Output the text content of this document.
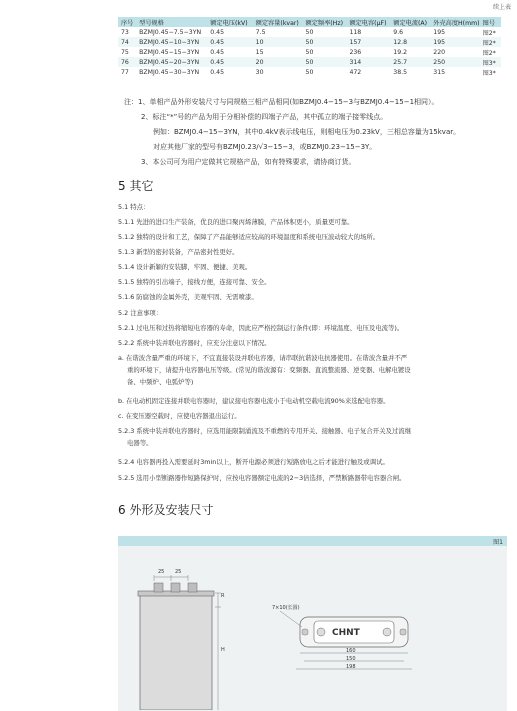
续上表
序号	型号规格	额定电压(kV)	额定容量(kvar)	额定频率(Hz)	额定电容(μF)	额定电流(A)	外壳高度H(mm)	图号
73	BZMJ0.45−7.5−3YN	0.45	7.5	50	118	9.6	195	图2*
74	BZMJ0.45−10−3YN	0.45	10	50	157	12.8	195	图2*
75	BZMJ0.45−15−3YN	0.45	15	50	236	19.2	220	图2*
76	BZMJ0.45−20−3YN	0.45	20	50	314	25.7	250	图3*
77	BZMJ0.45−30−3YN	0.45	30	50	472	38.5	315	图3*
注：1、单相产品外形安装尺寸与同规格三相产品相同(如BZMJ0.4−15−3与BZMJ0.4−15−1相同）。
2、标注“*”号的产品为用于分相补偿的四端子产品，其中孤立的端子接零线点。
例如：BZMJ0.4−15−3YN，其中0.4kV表示线电压，则相电压为0.23kV，三相总容量为15kvar。
对应其他厂家的型号有BZMJ0.23/√3−15−3，或BZMJ0.23−15−3Y。
3、本公司可为用户定做其它规格产品，如有特殊要求，请协商订货。
5 其它
5.1 特点：
5.1.1 先进的进口生产装备，优良的进口聚丙烯薄膜，产品体积更小，质量更可靠。
5.1.2 独特的设计和工艺，保障了产品能够适应较高的环境温度和系统电压波动较大的场所。
5.1.3 新型的密封装备，产品密封性更好。
5.1.4 设计新颖的安装脚，牢固、便捷、美观。
5.1.5 独特的引出端子，接线方便，连接可靠、安全。
5.1.6 防腐蚀的金属外壳，美观牢固、无需喷漆。
5.2 注意事项：
5.2.1 过电压和过热将缩短电容器的寿命，因此应严格控制运行条件(即：环境温度、电压及电流等)。
5.2.2 系统中装并联电容器时，应充分注意以下情况。
a. 在谐波含量严重的环境下，不宜直接装设并联电容器，请串联抗谐波电抗器使用。在谐波含量并不严
重的环境下，请提升电容器电压等级。(常见的谐波源有：变频器、直流整流器、逆变器、电解电镀设
备、中频炉、电弧炉等)
b. 在电动机固定连接并联电容器时，建议接电容器电流小于电动机空载电流90%来选配电容器。
c. 在变压器空载时，应使电容器退出运行。
5.2.3 系统中装并联电容器时，应选用能限制涌流及不重燃的专用开关、接触器、电子复合开关及过流继
电器等。
5.2.4 电容器再投入需要延时3min以上，断开电源必须进行短路放电之后才能进行触及或调试。
5.2.5 选用小型断路器作短路保护时，应按电容器额定电流的2−3倍选择，严禁断路器带电容器合闸。
6 外形及安装尺寸
图1
25 25
R
H
CHNT
7×10(长圆)
160
150
198
